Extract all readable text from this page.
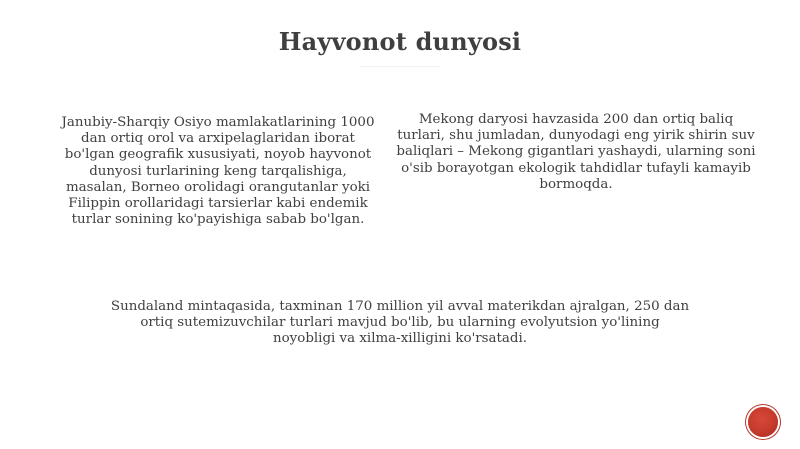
Hayvonot dunyosi

Janubiy-Sharqiy Osiyo mamlakatlarining 1000 dan ortiq orol va arxipelaglaridan iborat bo'lgan geografik xususiyati, noyob hayvonot dunyosi turlarining keng tarqalishiga, masalan, Borneo orolidagi orangutanlar yoki Filippin orollaridagi tarsierlar kabi endemik turlar sonining ko'payishiga sabab bo'lgan.

Mekong daryosi havzasida 200 dan ortiq baliq turlari, shu jumladan, dunyodagi eng yirik shirin suv baliqlari – Mekong gigantlari yashaydi, ularning soni o'sib borayotgan ekologik tahdidlar tufayli kamayib bormoqda.

Sundaland mintaqasida, taxminan 170 million yil avval materikdan ajralgan, 250 dan ortiq sutemizuvchilar turlari mavjud bo'lib, bu ularning evolyutsion yo'lining noyobligi va xilma-xilligini ko'rsatadi.
